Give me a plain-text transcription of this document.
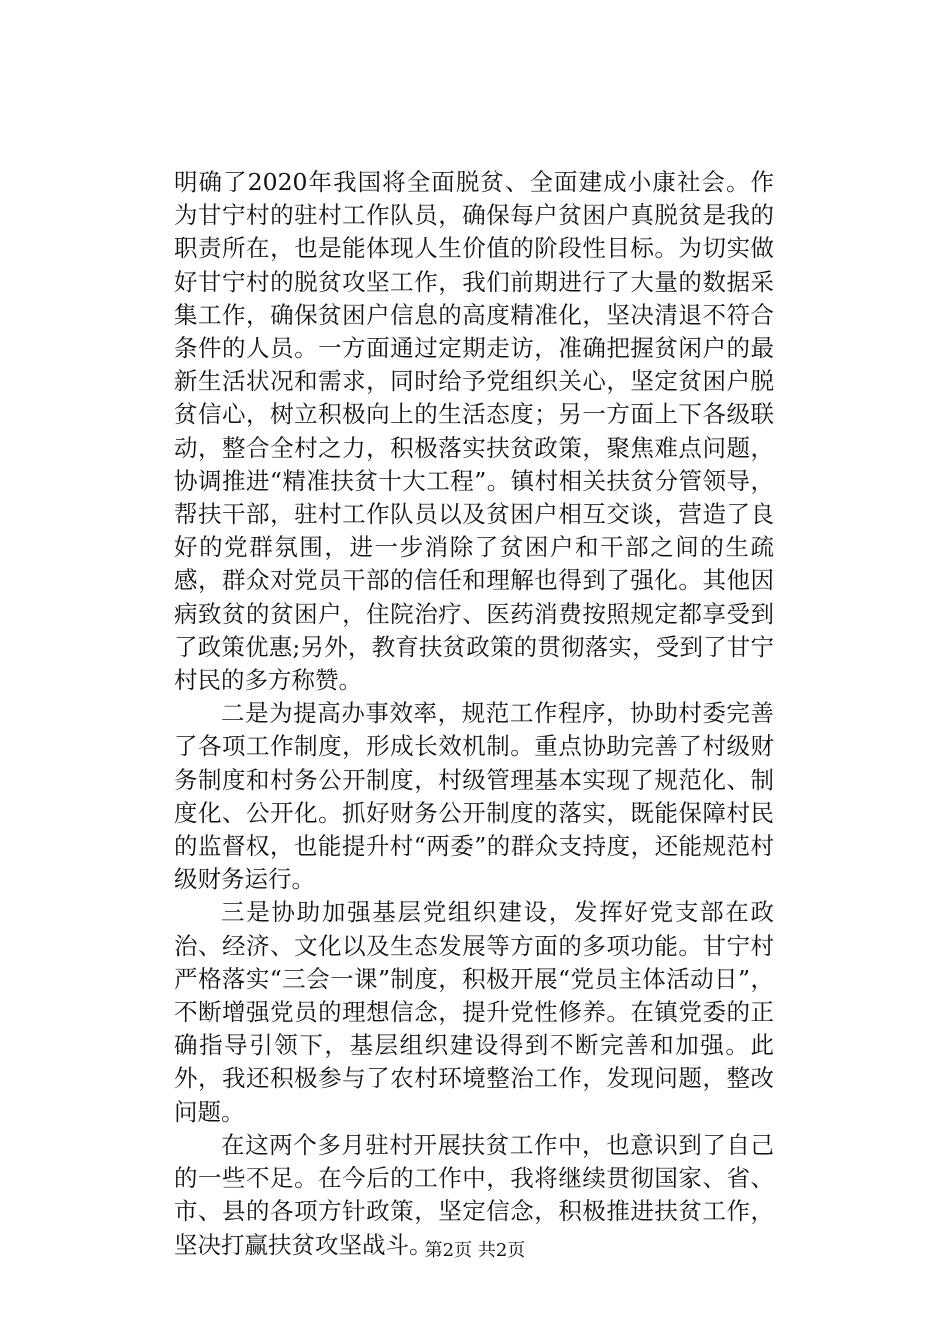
明确了2020年我国将全面脱贫、全面建成小康社会。作为甘宁村的驻村工作队员，确保每户贫困户真脱贫是我的职责所在，也是能体现人生价值的阶段性目标。为切实做好甘宁村的脱贫攻坚工作，我们前期进行了大量的数据采集工作，确保贫困户信息的高度精准化，坚决清退不符合条件的人员。一方面通过定期走访，准确把握贫闲户的最新生活状况和需求，同时给予党组织关心，坚定贫困户脱贫信心，树立积极向上的生活态度；另一方面上下各级联动，整合全村之力，积极落实扶贫政策，聚焦难点问题，协调推进“精准扶贫十大工程”。镇村相关扶贫分管领导，帮扶干部，驻村工作队员以及贫困户相互交谈，营造了良好的党群氛围，进一步消除了贫困户和干部之间的生疏感，群众对党员干部的信任和理解也得到了强化。其他因病致贫的贫困户，住院治疗、医药消费按照规定都享受到了政策优惠;另外，教育扶贫政策的贯彻落实，受到了甘宁村民的多方称赞。

二是为提高办事效率，规范工作程序，协助村委完善了各项工作制度，形成长效机制。重点协助完善了村级财务制度和村务公开制度，村级管理基本实现了规范化、制度化、公开化。抓好财务公开制度的落实，既能保障村民的监督权，也能提升村“两委”的群众支持度，还能规范村级财务运行。

三是协助加强基层党组织建设，发挥好党支部在政治、经济、文化以及生态发展等方面的多项功能。甘宁村严格落实“三会一课”制度，积极开展“党员主体活动日”，不断增强党员的理想信念，提升党性修养。在镇党委的正确指导引领下，基层组织建设得到不断完善和加强。此外，我还积极参与了农村环境整治工作，发现问题，整改问题。

在这两个多月驻村开展扶贫工作中，也意识到了自己的一些不足。在今后的工作中，我将继续贯彻国家、省、市、县的各项方针政策，坚定信念，积极推进扶贫工作，坚决打赢扶贫攻坚战斗。

第2页 共2页
